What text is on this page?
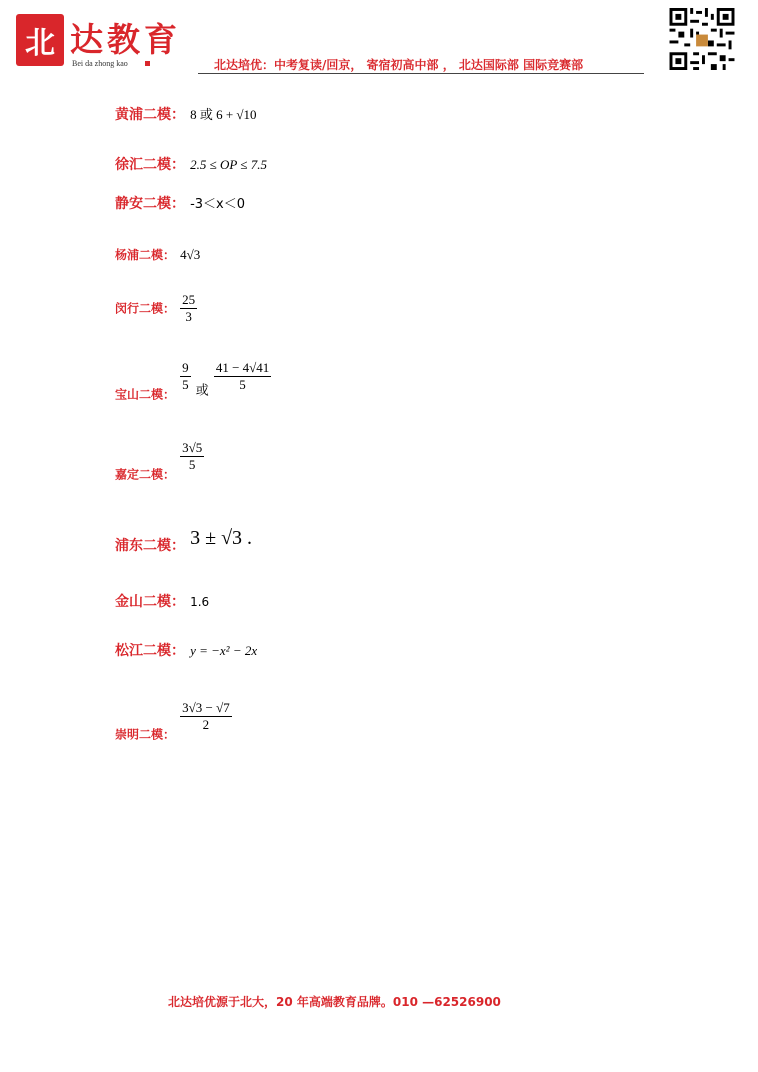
北 达教育
Bei da zhong kao	北达培优：中考复读/回京， 寄宿初高中部 ， 北达国际部 国际竞赛部
黄浦二模： 8 或 6 + √10
徐汇二模： 2.5 ≤ OP ≤ 7.5
静安二模： -3＜x＜0
杨浦二模： 4√3
闵行二模： $\frac{25}{3}$
$_{宝山二模:}$
$\frac{9}{5} _或 \frac{41 - 4√41}{5}$
$_{嘉定二模:}$
$\frac{3√5}{5}$
浦东二模： 3 ± √3 .
金山二模： 1.6
松江二模： y = −x² − 2x
$_{崇明二模:}$
$\frac{3√3 - √7}{2}$
北达培优源于北大，20 年高端教育品牌。010 —62526900
